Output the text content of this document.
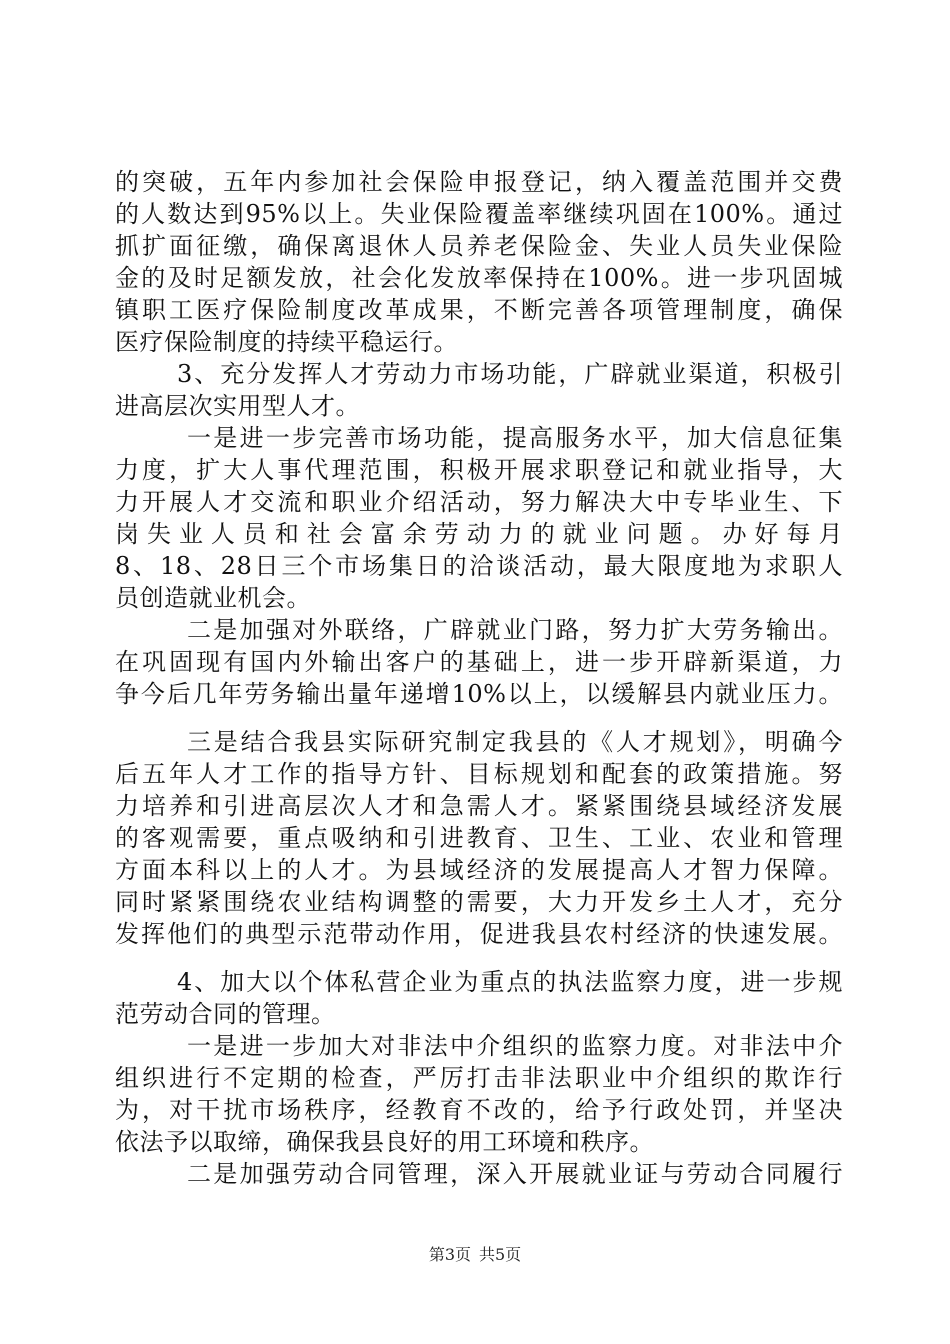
的突破，五年内参加社会保险申报登记，纳入覆盖范围并交费
的人数达到95%以上。失业保险覆盖率继续巩固在100%。通过
抓扩面征缴，确保离退休人员养老保险金、失业人员失业保险
金的及时足额发放，社会化发放率保持在100%。进一步巩固城
镇职工医疗保险制度改革成果，不断完善各项管理制度，确保
医疗保险制度的持续平稳运行。
3、充分发挥人才劳动力市场功能，广辟就业渠道，积极引
进高层次实用型人才。
一是进一步完善市场功能，提高服务水平，加大信息征集
力度，扩大人事代理范围，积极开展求职登记和就业指导，大
力开展人才交流和职业介绍活动，努力解决大中专毕业生、下
岗失业人员和社会富余劳动力的就业问题。办好每月
8、18、28日三个市场集日的洽谈活动，最大限度地为求职人
员创造就业机会。
二是加强对外联络，广辟就业门路，努力扩大劳务输出。
在巩固现有国内外输出客户的基础上，进一步开辟新渠道，力
争今后几年劳务输出量年递增10%以上，以缓解县内就业压力。
三是结合我县实际研究制定我县的《人才规划》，明确今
后五年人才工作的指导方针、目标规划和配套的政策措施。努
力培养和引进高层次人才和急需人才。紧紧围绕县域经济发展
的客观需要，重点吸纳和引进教育、卫生、工业、农业和管理
方面本科以上的人才。为县域经济的发展提高人才智力保障。
同时紧紧围绕农业结构调整的需要，大力开发乡土人才，充分
发挥他们的典型示范带动作用，促进我县农村经济的快速发展。
4、加大以个体私营企业为重点的执法监察力度，进一步规
范劳动合同的管理。
一是进一步加大对非法中介组织的监察力度。对非法中介
组织进行不定期的检查，严厉打击非法职业中介组织的欺诈行
为，对干扰市场秩序，经教育不改的，给予行政处罚，并坚决
依法予以取缔，确保我县良好的用工环境和秩序。
二是加强劳动合同管理，深入开展就业证与劳动合同履行
第3页 共5页
